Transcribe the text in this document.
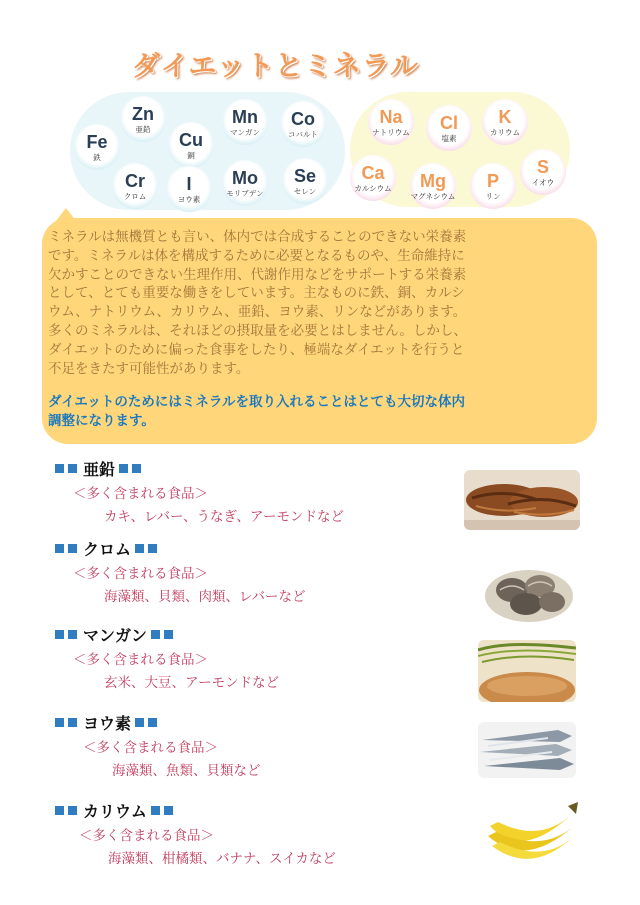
ダイエットとミネラル
Zn
亜鉛
Fe
鉄
Cu
銅
Mn
マンガン
Co
コバルト
Cr
クロム
I
ヨウ素
Mo
モリブデン
Se
セレン
Na
ナトリウム Cl
塩素
K
カリウム
Ca
カルシウム Mg
マグネシウム
P
リン
S
イオウ

ミネラルは無機質とも言い、体内では合成することのできない栄養素
です。ミネラルは体を構成するために必要となるものや、生命維持に
欠かすことのできない生理作用、代謝作用などをサポートする栄養素
として、とても重要な働きをしています。主なものに鉄、銅、カルシ
ウム、ナトリウム、カリウム、亜鉛、ヨウ素、リンなどがあります。
多くのミネラルは、それほどの摂取量を必要とはしません。しかし、
ダイエットのために偏った食事をしたり、極端なダイエットを行うと
不足をきたす可能性があります。

ダイエットのためにはミネラルを取り入れることはとても大切な体内
調整になります。

亜鉛
＜多く含まれる食品＞
カキ、レバー、うなぎ、アーモンドなど
クロム
＜多く含まれる食品＞
海藻類、貝類、肉類、レバーなど
マンガン
＜多く含まれる食品＞
玄米、大豆、アーモンドなど
ヨウ素
＜多く含まれる食品＞
海藻類、魚類、貝類など
カリウム
＜多く含まれる食品＞
海藻類、柑橘類、バナナ、スイカなど
